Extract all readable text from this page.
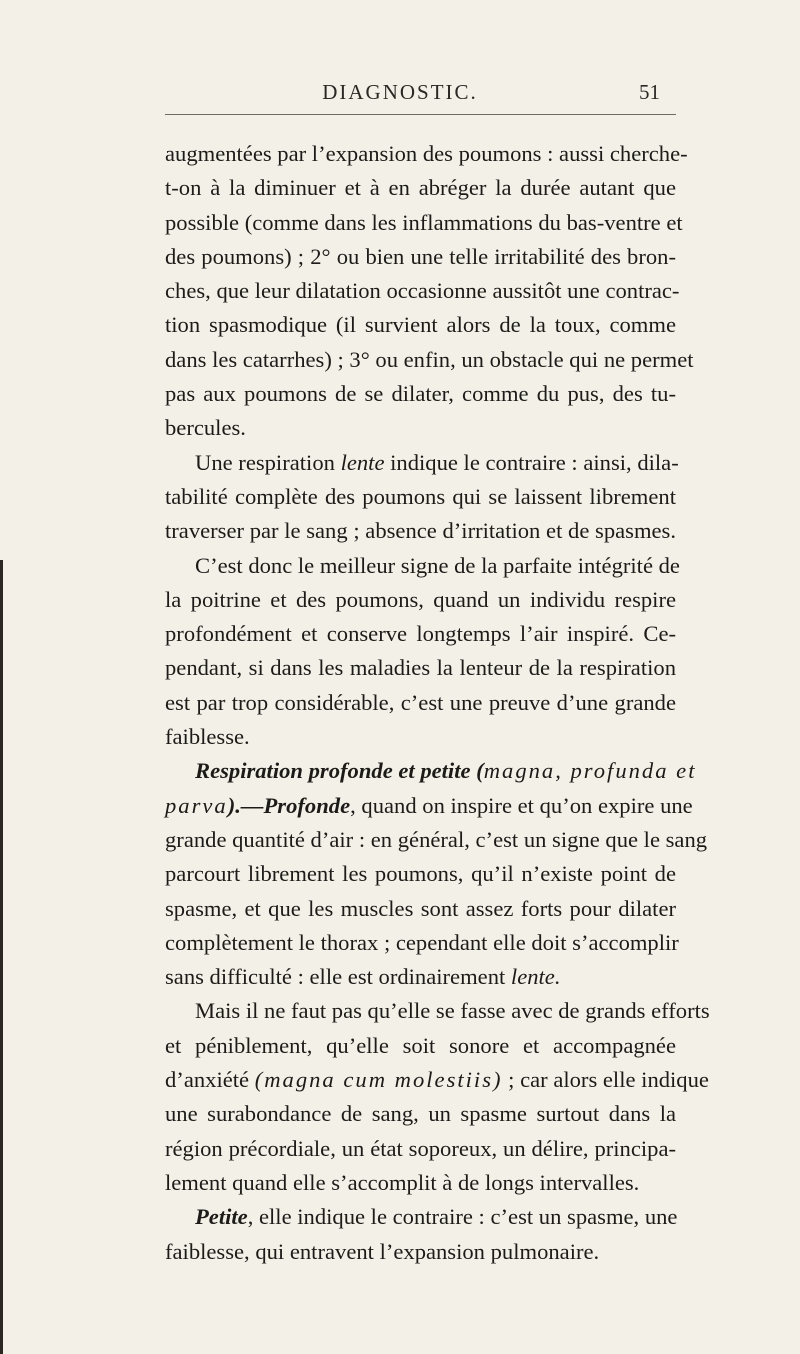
DIAGNOSTIC.	51
augmentées par l’expansion des poumons : aussi cherche-
t-on à la diminuer et à en abréger la durée autant que
possible (comme dans les inflammations du bas-ventre et
des poumons) ; 2° ou bien une telle irritabilité des bron-
ches, que leur dilatation occasionne aussitôt une contrac-
tion spasmodique (il survient alors de la toux, comme
dans les catarrhes) ; 3° ou enfin, un obstacle qui ne permet
pas aux poumons de se dilater, comme du pus, des tu-
bercules.
Une respiration lente indique le contraire : ainsi, dila-
tabilité complète des poumons qui se laissent librement
traverser par le sang ; absence d’irritation et de spasmes.
C’est donc le meilleur signe de la parfaite intégrité de
la poitrine et des poumons, quand un individu respire
profondément et conserve longtemps l’air inspiré. Ce-
pendant, si dans les maladies la lenteur de la respiration
est par trop considérable, c’est une preuve d’une grande
faiblesse.
Respiration profonde et petite (magna, profunda et
parva).—Profonde, quand on inspire et qu’on expire une
grande quantité d’air : en général, c’est un signe que le sang
parcourt librement les poumons, qu’il n’existe point de
spasme, et que les muscles sont assez forts pour dilater
complètement le thorax ; cependant elle doit s’accomplir
sans difficulté : elle est ordinairement lente.
Mais il ne faut pas qu’elle se fasse avec de grands efforts
et péniblement, qu’elle soit sonore et accompagnée
d’anxiété (magna cum molestiis) ; car alors elle indique
une surabondance de sang, un spasme surtout dans la
région précordiale, un état soporeux, un délire, principa-
lement quand elle s’accomplit à de longs intervalles.
Petite, elle indique le contraire : c’est un spasme, une
faiblesse, qui entravent l’expansion pulmonaire.
